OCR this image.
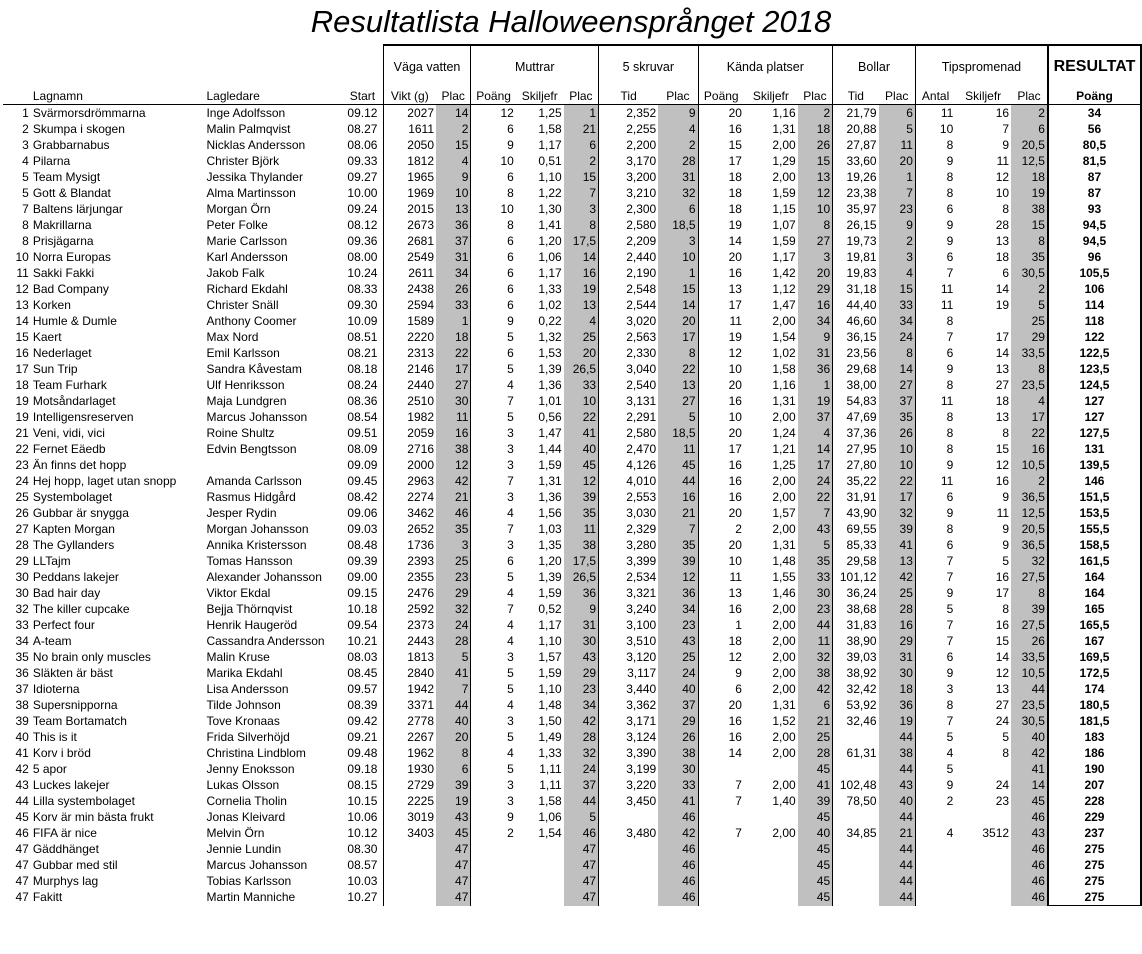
Resultatlista Halloweensprånget 2018
				Väga vatten		Muttrar			5 skruvar		Kända platser			Bollar		Tipspromenad			RESULTAT
	Lagnamn	Lagledare	Start	Vikt (g)	Plac	Poäng	Skiljefr	Plac	Tid	Plac	Poäng	Skiljefr	Plac	Tid	Plac	Antal	Skiljefr	Plac	Poäng
1	Svärmorsdrömmarna	Inge Adolfsson	09.12	2027	14	12	1,25	1	2,352	9	20	1,16	2	21,79	6	11	16	2	34
2	Skumpa i skogen	Malin Palmqvist	08.27	1611	2	6	1,58	21	2,255	4	16	1,31	18	20,88	5	10	7	6	56
3	Grabbarnabus	Nicklas Andersson	08.06	2050	15	9	1,17	6	2,200	2	15	2,00	26	27,87	11	8	9	20,5	80,5
4	Pilarna	Christer Björk	09.33	1812	4	10	0,51	2	3,170	28	17	1,29	15	33,60	20	9	11	12,5	81,5
5	Team Mysigt	Jessika Thylander	09.27	1965	9	6	1,10	15	3,200	31	18	2,00	13	19,26	1	8	12	18	87
5	Gott & Blandat	Alma Martinsson	10.00	1969	10	8	1,22	7	3,210	32	18	1,59	12	23,38	7	8	10	19	87
7	Baltens lärjungar	Morgan Örn	09.24	2015	13	10	1,30	3	2,300	6	18	1,15	10	35,97	23	6	8	38	93
8	Makrillarna	Peter Folke	08.12	2673	36	8	1,41	8	2,580	18,5	19	1,07	8	26,15	9	9	28	15	94,5
8	Prisjägarna	Marie Carlsson	09.36	2681	37	6	1,20	17,5	2,209	3	14	1,59	27	19,73	2	9	13	8	94,5
10	Norra Europas	Karl Andersson	08.00	2549	31	6	1,06	14	2,440	10	20	1,17	3	19,81	3	6	18	35	96
11	Sakki Fakki	Jakob Falk	10.24	2611	34	6	1,17	16	2,190	1	16	1,42	20	19,83	4	7	6	30,5	105,5
12	Bad Company	Richard Ekdahl	08.33	2438	26	6	1,33	19	2,548	15	13	1,12	29	31,18	15	11	14	2	106
13	Korken	Christer Snäll	09.30	2594	33	6	1,02	13	2,544	14	17	1,47	16	44,40	33	11	19	5	114
14	Humle & Dumle	Anthony Coomer	10.09	1589	1	9	0,22	4	3,020	20	11	2,00	34	46,60	34	8		25	118
15	Kaert	Max Nord	08.51	2220	18	5	1,32	25	2,563	17	19	1,54	9	36,15	24	7	17	29	122
16	Nederlaget	Emil Karlsson	08.21	2313	22	6	1,53	20	2,330	8	12	1,02	31	23,56	8	6	14	33,5	122,5
17	Sun Trip	Sandra Kåvestam	08.18	2146	17	5	1,39	26,5	3,040	22	10	1,58	36	29,68	14	9	13	8	123,5
18	Team Furhark	Ulf Henriksson	08.24	2440	27	4	1,36	33	2,540	13	20	1,16	1	38,00	27	8	27	23,5	124,5
19	Motsåndarlaget	Maja Lundgren	08.36	2510	30	7	1,01	10	3,131	27	16	1,31	19	54,83	37	11	18	4	127
19	Intelligensreserven	Marcus Johansson	08.54	1982	11	5	0,56	22	2,291	5	10	2,00	37	47,69	35	8	13	17	127
21	Veni, vidi, vici	Roine Shultz	09.51	2059	16	3	1,47	41	2,580	18,5	20	1,24	4	37,36	26	8	8	22	127,5
22	Fernet Eäedb	Edvin Bengtsson	08.09	2716	38	3	1,44	40	2,470	11	17	1,21	14	27,95	10	8	15	16	131
23	Än finns det hopp		09.09	2000	12	3	1,59	45	4,126	45	16	1,25	17	27,80	10	9	12	10,5	139,5
24	Hej hopp, laget utan snopp	Amanda Carlsson	09.45	2963	42	7	1,31	12	4,010	44	16	2,00	24	35,22	22	11	16	2	146
25	Systembolaget	Rasmus Hidgård	08.42	2274	21	3	1,36	39	2,553	16	16	2,00	22	31,91	17	6	9	36,5	151,5
26	Gubbar är snygga	Jesper Rydin	09.06	3462	46	4	1,56	35	3,030	21	20	1,57	7	43,90	32	9	11	12,5	153,5
27	Kapten Morgan	Morgan Johansson	09.03	2652	35	7	1,03	11	2,329	7	2	2,00	43	69,55	39	8	9	20,5	155,5
28	The Gyllanders	Annika Kristersson	08.48	1736	3	3	1,35	38	3,280	35	20	1,31	5	85,33	41	6	9	36,5	158,5
29	LLTajm	Tomas Hansson	09.39	2393	25	6	1,20	17,5	3,399	39	10	1,48	35	29,58	13	7	5	32	161,5
30	Peddans lakejer	Alexander Johansson	09.00	2355	23	5	1,39	26,5	2,534	12	11	1,55	33	101,12	42	7	16	27,5	164
30	Bad hair day	Viktor Ekdal	09.15	2476	29	4	1,59	36	3,321	36	13	1,46	30	36,24	25	9	17	8	164
32	The killer cupcake	Bejja Thörnqvist	10.18	2592	32	7	0,52	9	3,240	34	16	2,00	23	38,68	28	5	8	39	165
33	Perfect four	Henrik Haugeröd	09.54	2373	24	4	1,17	31	3,100	23	1	2,00	44	31,83	16	7	16	27,5	165,5
34	A-team	Cassandra Andersson	10.21	2443	28	4	1,10	30	3,510	43	18	2,00	11	38,90	29	7	15	26	167
35	No brain only muscles	Malin Kruse	08.03	1813	5	3	1,57	43	3,120	25	12	2,00	32	39,03	31	6	14	33,5	169,5
36	Släkten är bäst	Marika Ekdahl	08.45	2840	41	5	1,59	29	3,117	24	9	2,00	38	38,92	30	9	12	10,5	172,5
37	Idioterna	Lisa Andersson	09.57	1942	7	5	1,10	23	3,440	40	6	2,00	42	32,42	18	3	13	44	174
38	Supersnipporna	Tilde Johnson	08.39	3371	44	4	1,48	34	3,362	37	20	1,31	6	53,92	36	8	27	23,5	180,5
39	Team Bortamatch	Tove Kronaas	09.42	2778	40	3	1,50	42	3,171	29	16	1,52	21	32,46	19	7	24	30,5	181,5
40	This is it	Frida Silverhöjd	09.21	2267	20	5	1,49	28	3,124	26	16	2,00	25		44	5	5	40	183
41	Korv i bröd	Christina Lindblom	09.48	1962	8	4	1,33	32	3,390	38	14	2,00	28	61,31	38	4	8	42	186
42	5 apor	Jenny Enoksson	09.18	1930	6	5	1,11	24	3,199	30			45		44	5		41	190
43	Luckes lakejer	Lukas Olsson	08.15	2729	39	3	1,11	37	3,220	33	7	2,00	41	102,48	43	9	24	14	207
44	Lilla systembolaget	Cornelia Tholin	10.15	2225	19	3	1,58	44	3,450	41	7	1,40	39	78,50	40	2	23	45	228
45	Korv är min bästa frukt	Jonas Kleivard	10.06	3019	43	9	1,06	5		46			45		44			46	229
46	FIFA är nice	Melvin Örn	10.12	3403	45	2	1,54	46	3,480	42	7	2,00	40	34,85	21	4	3512	43	237
47	Gäddhänget	Jennie Lundin	08.30		47			47		46			45		44			46	275
47	Gubbar med stil	Marcus Johansson	08.57		47			47		46			45		44			46	275
47	Murphys lag	Tobias Karlsson	10.03		47			47		46			45		44			46	275
47	Fakitt	Martin Manniche	10.27		47			47		46			45		44			46	275
